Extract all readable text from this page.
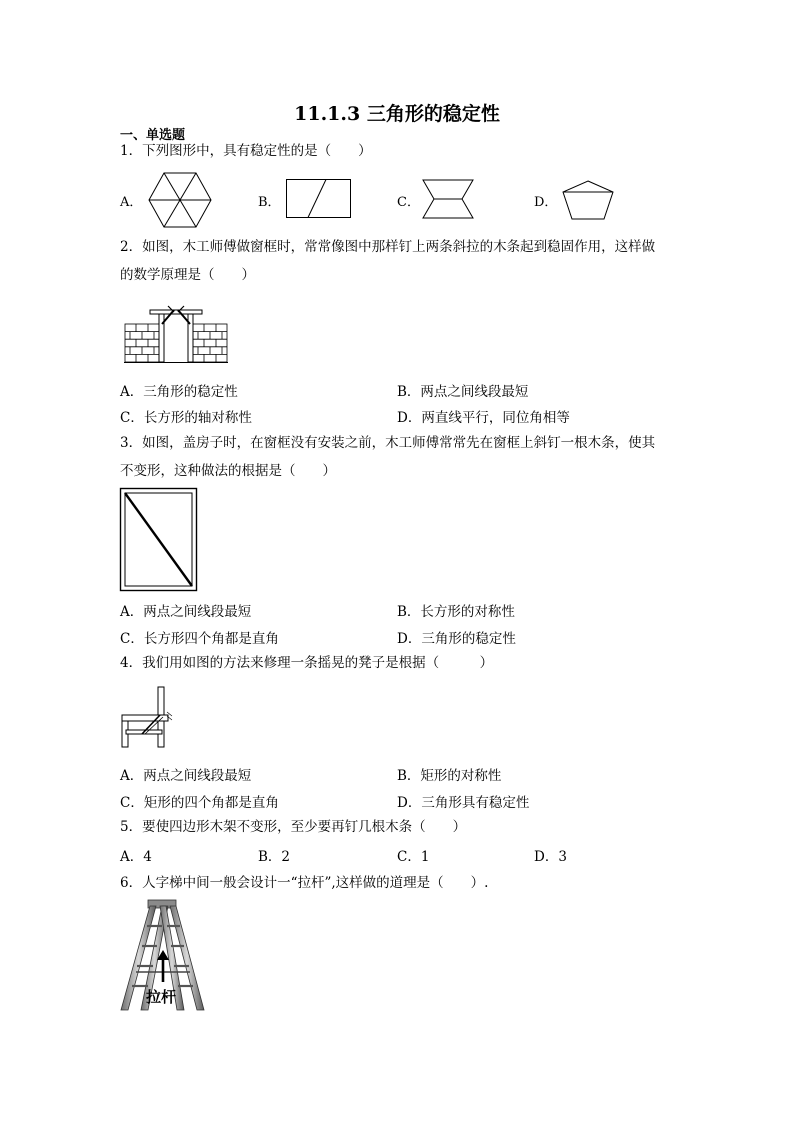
11.1.3 三角形的稳定性
一、单选题
1．下列图形中，具有稳定性的是（　　）
A．	B．	C．	D．
2．如图，木工师傅做窗框时，常常像图中那样钉上两条斜拉的木条起到稳固作用，这样做
的数学原理是（　　）
A．三角形的稳定性	B．两点之间线段最短
C．长方形的轴对称性	D．两直线平行，同位角相等
3．如图，盖房子时，在窗框没有安装之前，木工师傅常常先在窗框上斜钉一根木条，使其
不变形，这种做法的根据是（　　）
A．两点之间线段最短	B．长方形的对称性
C．长方形四个角都是直角	D．三角形的稳定性
4．我们用如图的方法来修理一条摇晃的凳子是根据（　　　）
A．两点之间线段最短	B．矩形的对称性
C．矩形的四个角都是直角	D．三角形具有稳定性
5．要使四边形木架不变形，至少要再钉几根木条（　　）
A．4	B．2	C．1	D．3
6．人字梯中间一般会设计一“拉杆”,这样做的道理是（　　）.
拉杆
